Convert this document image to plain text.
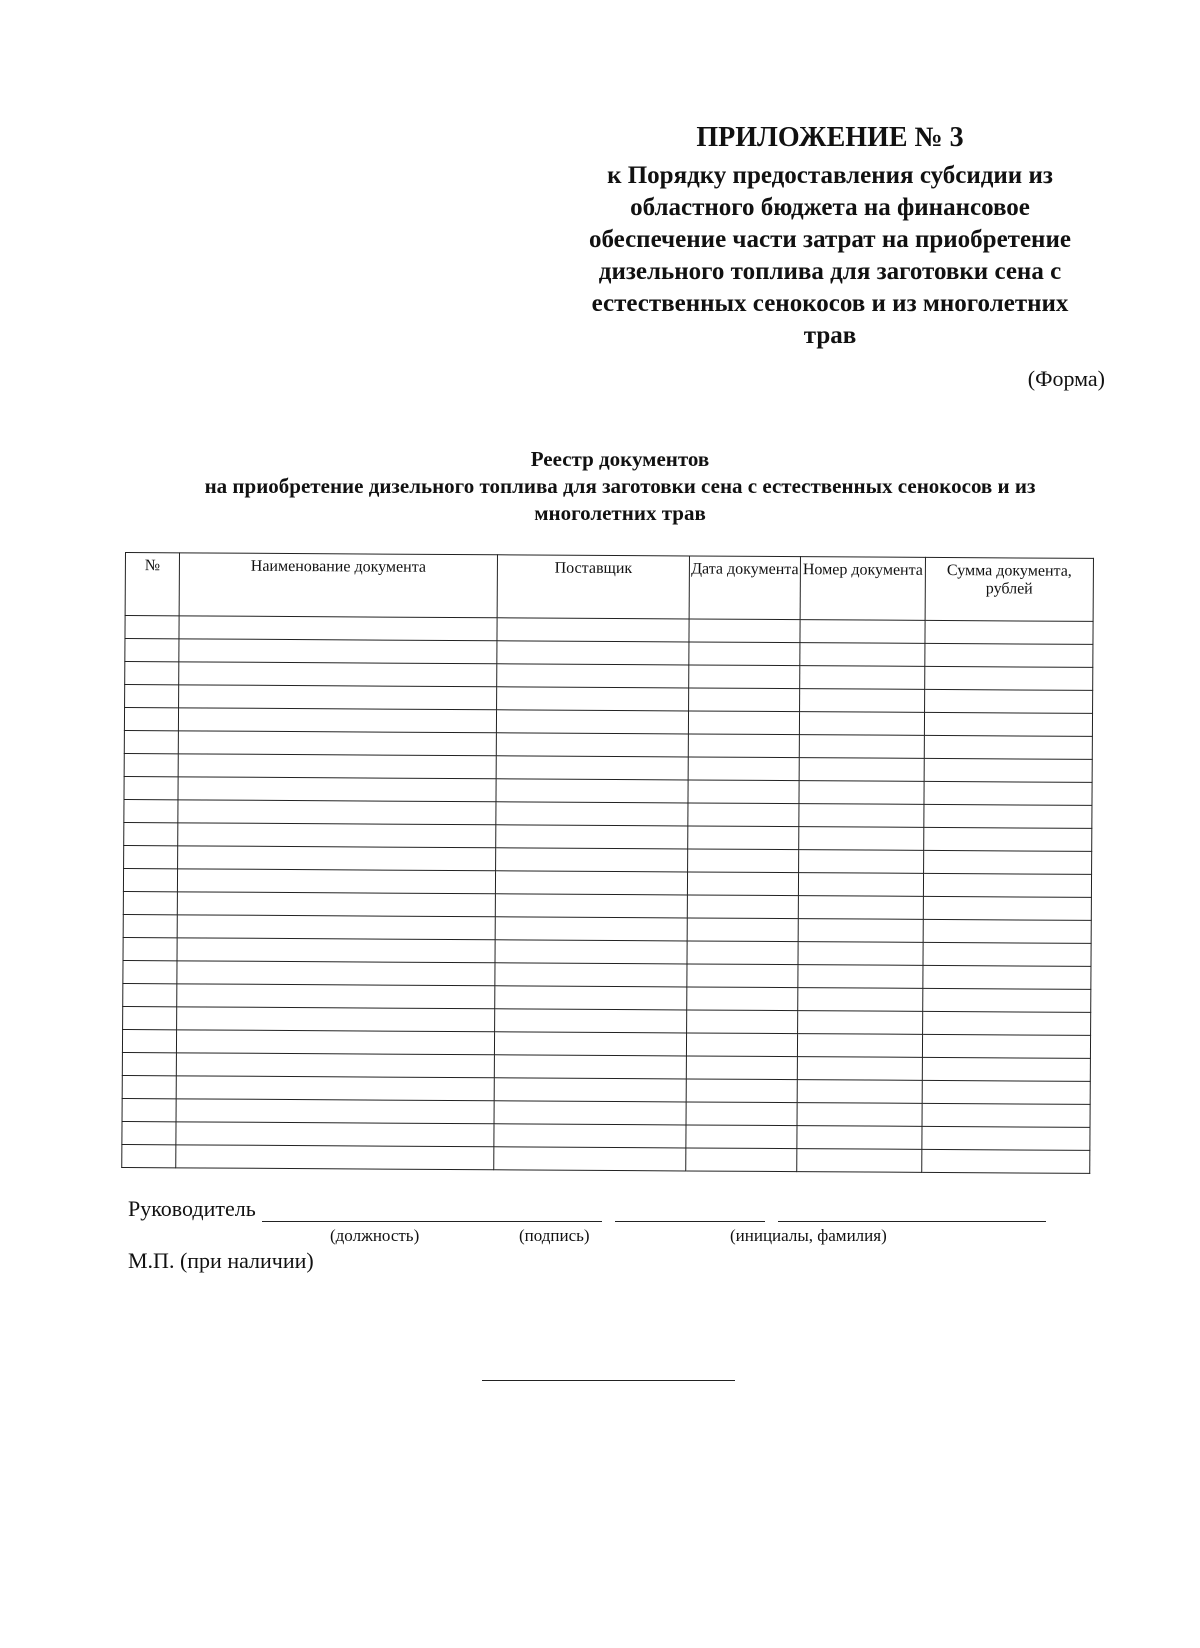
ПРИЛОЖЕНИЕ № 3
к Порядку предоставления субсидии из
областного бюджета на финансовое
обеспечение части затрат на приобретение
дизельного топлива для заготовки сена с
естественных сенокосов и из многолетних
трав
(Форма)
Реестр документов
на приобретение дизельного топлива для заготовки сена с естественных сенокосов и из
многолетних трав
№	Наименование документа	Поставщик	Дата документа	Номер документа	Сумма документа, рублей

Руководитель
(должность)	(подпись)	(инициалы, фамилия)
М.П. (при наличии)
